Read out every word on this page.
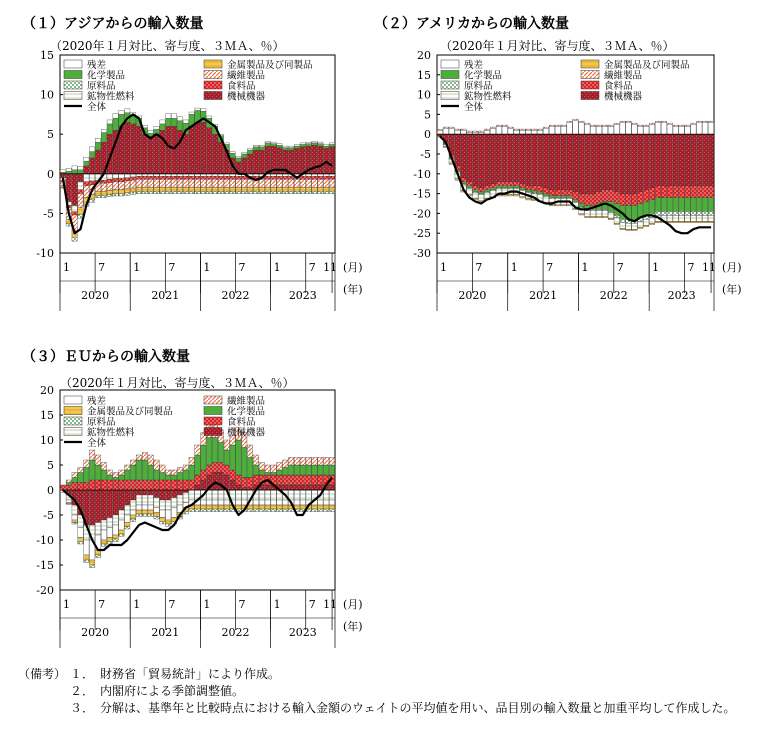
（１）アジアからの輸入数量
（2020年１月対比、寄与度、３ＭＡ、％）
（２）アメリカからの輸入数量
（2020年１月対比、寄与度、３ＭＡ、％）
（３）ＥＵからの輸入数量
（2020年１月対比、寄与度、３ＭＡ、％）
15
10
5
0
-5
-10
残差	金属製品及び同製品
化学製品	繊維製品
原料品	食料品
鉱物性燃料	機械機器
全体
1	7	1	7	1	7	1	7 11
2020	2021	2022	2023
(月)
(年)
20
15
10
5
0
-5
-10
-15
-20
-25
-30
残差	金属製品及び同製品
化学製品	繊維製品
原料品	食料品
鉱物性燃料	機械機器
全体
1	7	1	7	1	7	1	7 11
2020	2021	2022	2023
(月)
(年)
20
15
10
5
0
-5
-10
-15
-20
残差	繊維製品
金属製品及び同製品	化学製品
原料品	食料品
鉱物性燃料	機械機器
全体
1	7	1	7	1	7	1	7 11
2020	2021	2022	2023
(月)
(年)
（備考） １． 財務省「貿易統計」により作成。
２． 内閣府による季節調整値。
３． 分解は、基準年と比較時点における輸入金額のウェイトの平均値を用い、品目別の輸入数量と加重平均して作成した。
